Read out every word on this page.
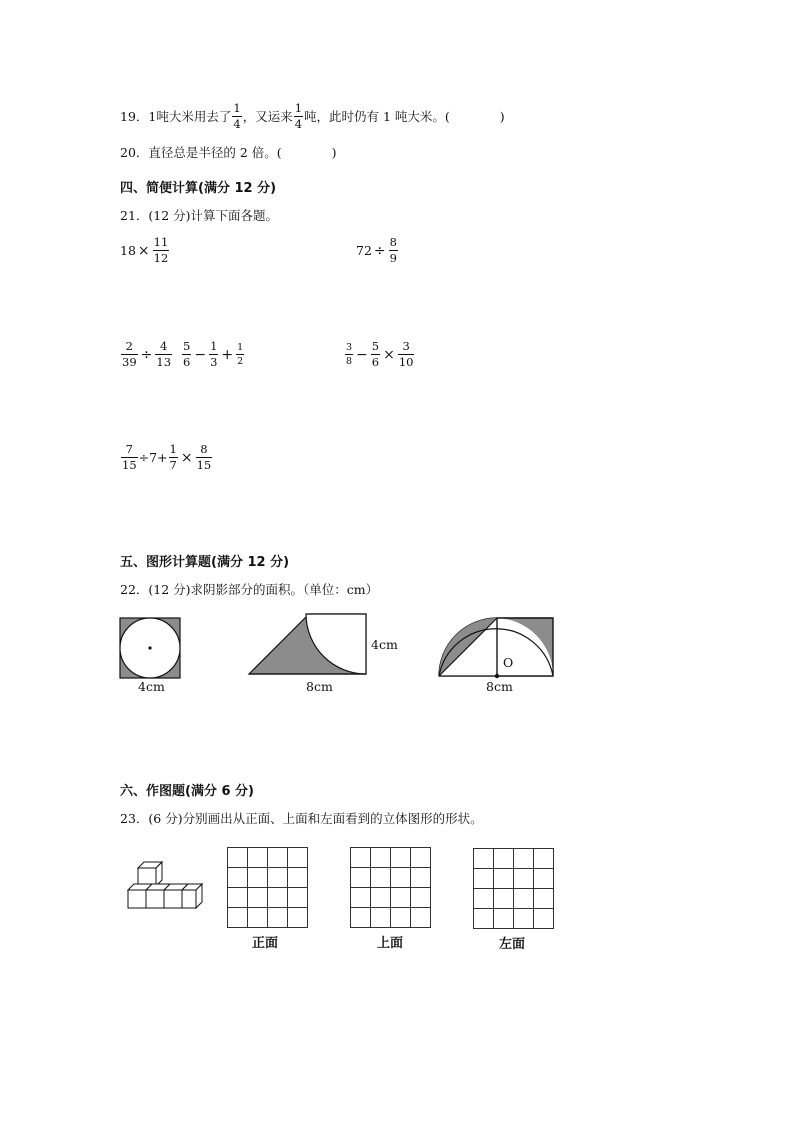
19．1吨大米用去了 $\frac{1}{4}$ ，又运来 $\frac{1}{4}$ 吨，此时仍有 1 吨大米。(　　　　)
20．直径总是半径的 2 倍。(　　　　)
四、简便计算(满分 12 分)
21．(12 分)计算下面各题。
$18 \times \frac{11}{12}$	$72 \div \frac{8}{9}$
$\frac{2}{39} \div \frac{4}{13} \frac{5}{6} - \frac{1}{3} + \frac{1}{2}$	$\frac{3}{8} - \frac{5}{6} \times \frac{3}{10}$
$\frac{7}{15} \div 7+ \frac{1}{7} \times \frac{8}{15}$
五、图形计算题(满分 12 分)
22．(12 分)求阴影部分的面积。（单位：cm）
4cm
4cm
8cm
O
8cm
六、作图题(满分 6 分)
23．(6 分)分别画出从正面、上面和左面看到的立体图形的形状。

正面

				上面

				左面
